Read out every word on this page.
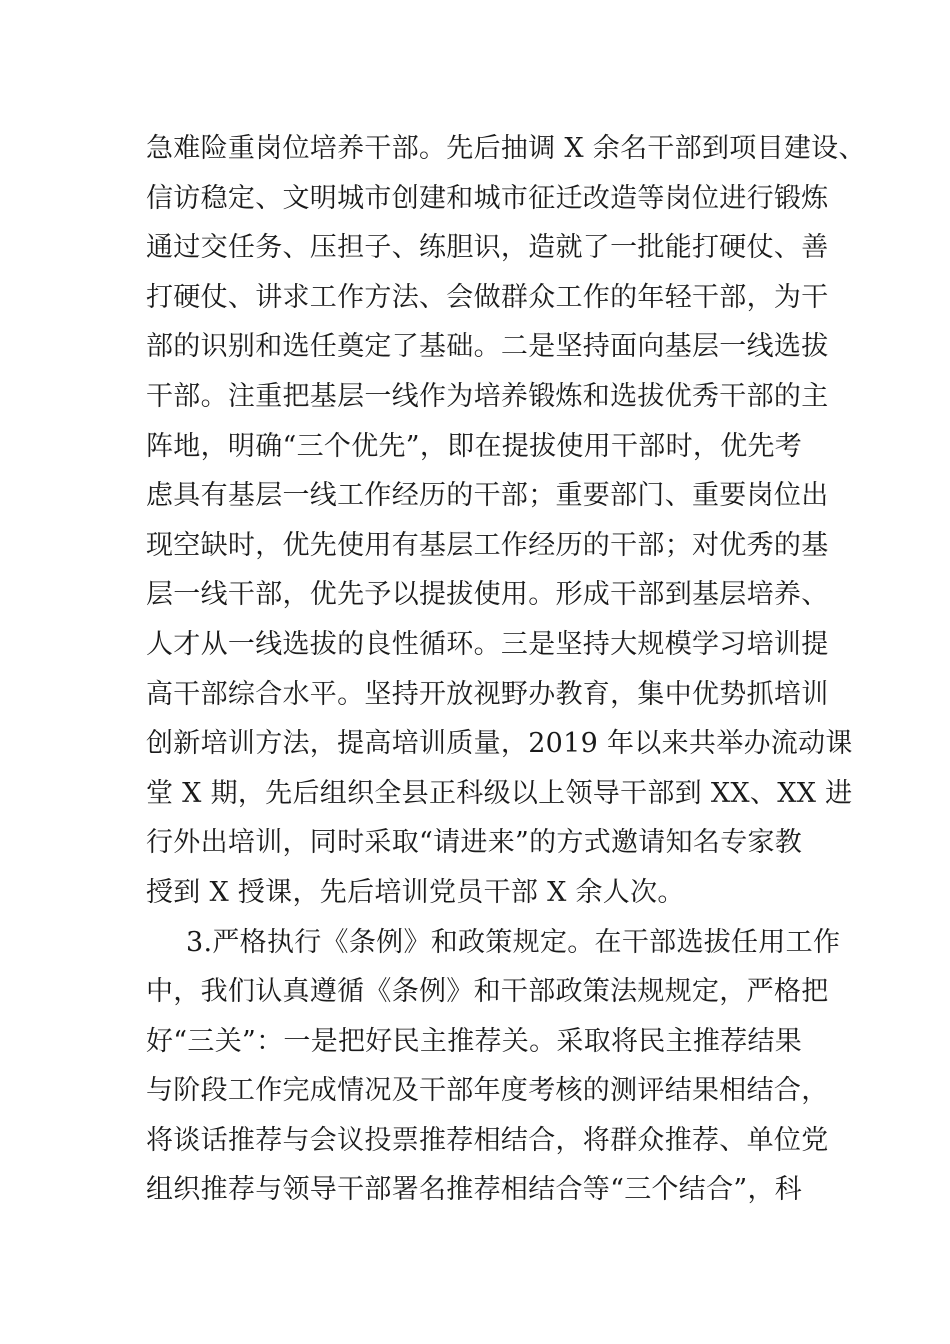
急难险重岗位培养干部。先后抽调 X 余名干部到项目建设、
信访稳定、文明城市创建和城市征迁改造等岗位进行锻炼
通过交任务、压担子、练胆识，造就了一批能打硬仗、善
打硬仗、讲求工作方法、会做群众工作的年轻干部，为干
部的识别和选任奠定了基础。二是坚持面向基层一线选拔
干部。注重把基层一线作为培养锻炼和选拔优秀干部的主
阵地，明确“三个优先”，即在提拔使用干部时，优先考
虑具有基层一线工作经历的干部；重要部门、重要岗位出
现空缺时，优先使用有基层工作经历的干部；对优秀的基
层一线干部，优先予以提拔使用。形成干部到基层培养、
人才从一线选拔的良性循环。三是坚持大规模学习培训提
高干部综合水平。坚持开放视野办教育，集中优势抓培训
创新培训方法，提高培训质量，2019 年以来共举办流动课
堂 X 期，先后组织全县正科级以上领导干部到 XX、XX 进
行外出培训，同时采取“请进来”的方式邀请知名专家教
授到 X 授课，先后培训党员干部 X 余人次。
3.严格执行《条例》和政策规定。在干部选拔任用工作
中，我们认真遵循《条例》和干部政策法规规定，严格把
好“三关”：一是把好民主推荐关。采取将民主推荐结果
与阶段工作完成情况及干部年度考核的测评结果相结合，
将谈话推荐与会议投票推荐相结合，将群众推荐、单位党
组织推荐与领导干部署名推荐相结合等“三个结合”，科
